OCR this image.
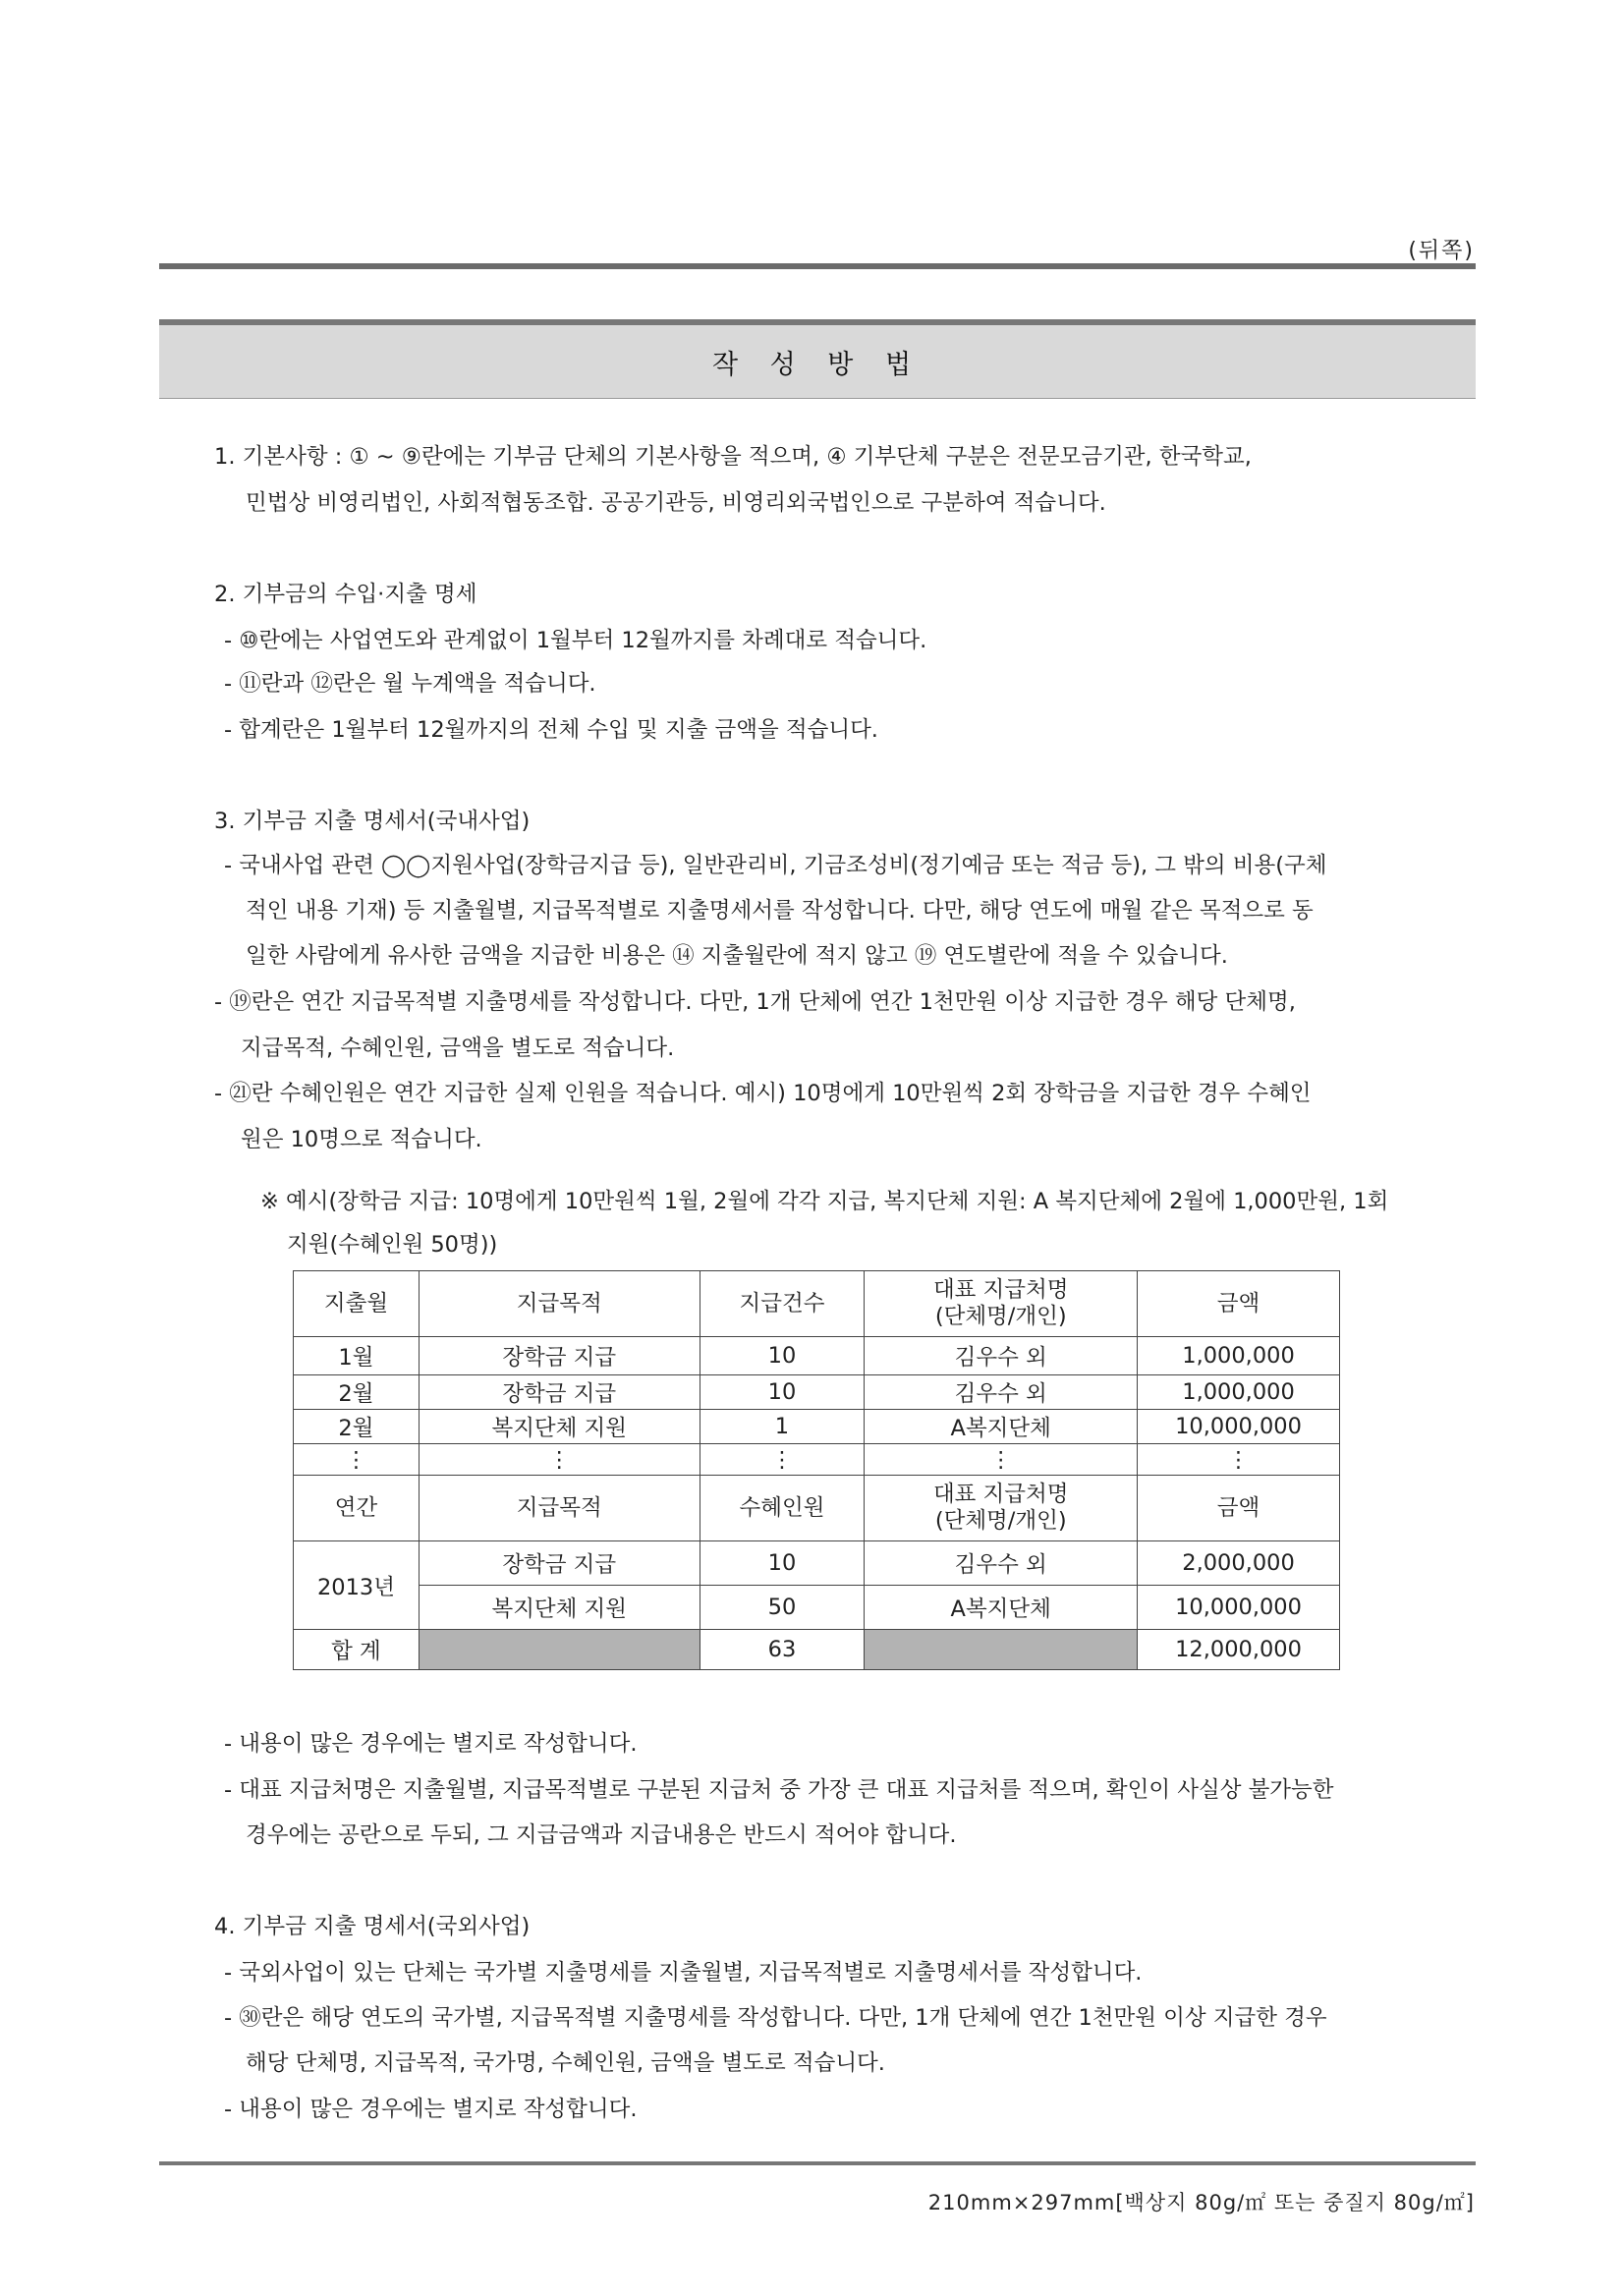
(뒤쪽)
작 성 방 법
1. 기본사항 : ① ~ ⑨란에는 기부금 단체의 기본사항을 적으며, ④ 기부단체 구분은 전문모금기관, 한국학교,
민법상 비영리법인, 사회적협동조합. 공공기관등, 비영리외국법인으로 구분하여 적습니다.
2. 기부금의 수입·지출 명세
- ⑩란에는 사업연도와 관계없이 1월부터 12월까지를 차례대로 적습니다.
- ⑪란과 ⑫란은 월 누계액을 적습니다.
- 합계란은 1월부터 12월까지의 전체 수입 및 지출 금액을 적습니다.
3. 기부금 지출 명세서(국내사업)
- 국내사업 관련 ◯◯지원사업(장학금지급 등), 일반관리비, 기금조성비(정기예금 또는 적금 등), 그 밖의 비용(구체
적인 내용 기재) 등 지출월별, 지급목적별로 지출명세서를 작성합니다. 다만, 해당 연도에 매월 같은 목적으로 동
일한 사람에게 유사한 금액을 지급한 비용은 ⑭ 지출월란에 적지 않고 ⑲ 연도별란에 적을 수 있습니다.
- ⑲란은 연간 지급목적별 지출명세를 작성합니다. 다만, 1개 단체에 연간 1천만원 이상 지급한 경우 해당 단체명,
지급목적, 수혜인원, 금액을 별도로 적습니다.
- ㉑란 수혜인원은 연간 지급한 실제 인원을 적습니다. 예시) 10명에게 10만원씩 2회 장학금을 지급한 경우 수혜인
원은 10명으로 적습니다.
※ 예시(장학금 지급: 10명에게 10만원씩 1월, 2월에 각각 지급, 복지단체 지원: A 복지단체에 2월에 1,000만원, 1회
지원(수혜인원 50명))
지출월	지급목적	지급건수	대표 지급처명
(단체명/개인)	금액
1월	장학금 지급	10	김우수 외	1,000,000
2월	장학금 지급	10	김우수 외	1,000,000
2월	복지단체 지원	1	A복지단체	10,000,000
⋮	⋮	⋮	⋮	⋮
연간	지급목적	수혜인원	대표 지급처명
(단체명/개인)	금액
2013년	장학금 지급	10	김우수 외	2,000,000
	복지단체 지원	50	A복지단체	10,000,000
합 계		63		12,000,000
- 내용이 많은 경우에는 별지로 작성합니다.
- 대표 지급처명은 지출월별, 지급목적별로 구분된 지급처 중 가장 큰 대표 지급처를 적으며, 확인이 사실상 불가능한
경우에는 공란으로 두되, 그 지급금액과 지급내용은 반드시 적어야 합니다.
4. 기부금 지출 명세서(국외사업)
- 국외사업이 있는 단체는 국가별 지출명세를 지출월별, 지급목적별로 지출명세서를 작성합니다.
- ㉚란은 해당 연도의 국가별, 지급목적별 지출명세를 작성합니다. 다만, 1개 단체에 연간 1천만원 이상 지급한 경우
해당 단체명, 지급목적, 국가명, 수혜인원, 금액을 별도로 적습니다.
- 내용이 많은 경우에는 별지로 작성합니다.
210mm×297mm[백상지 80g/㎡ 또는 중질지 80g/㎡]
